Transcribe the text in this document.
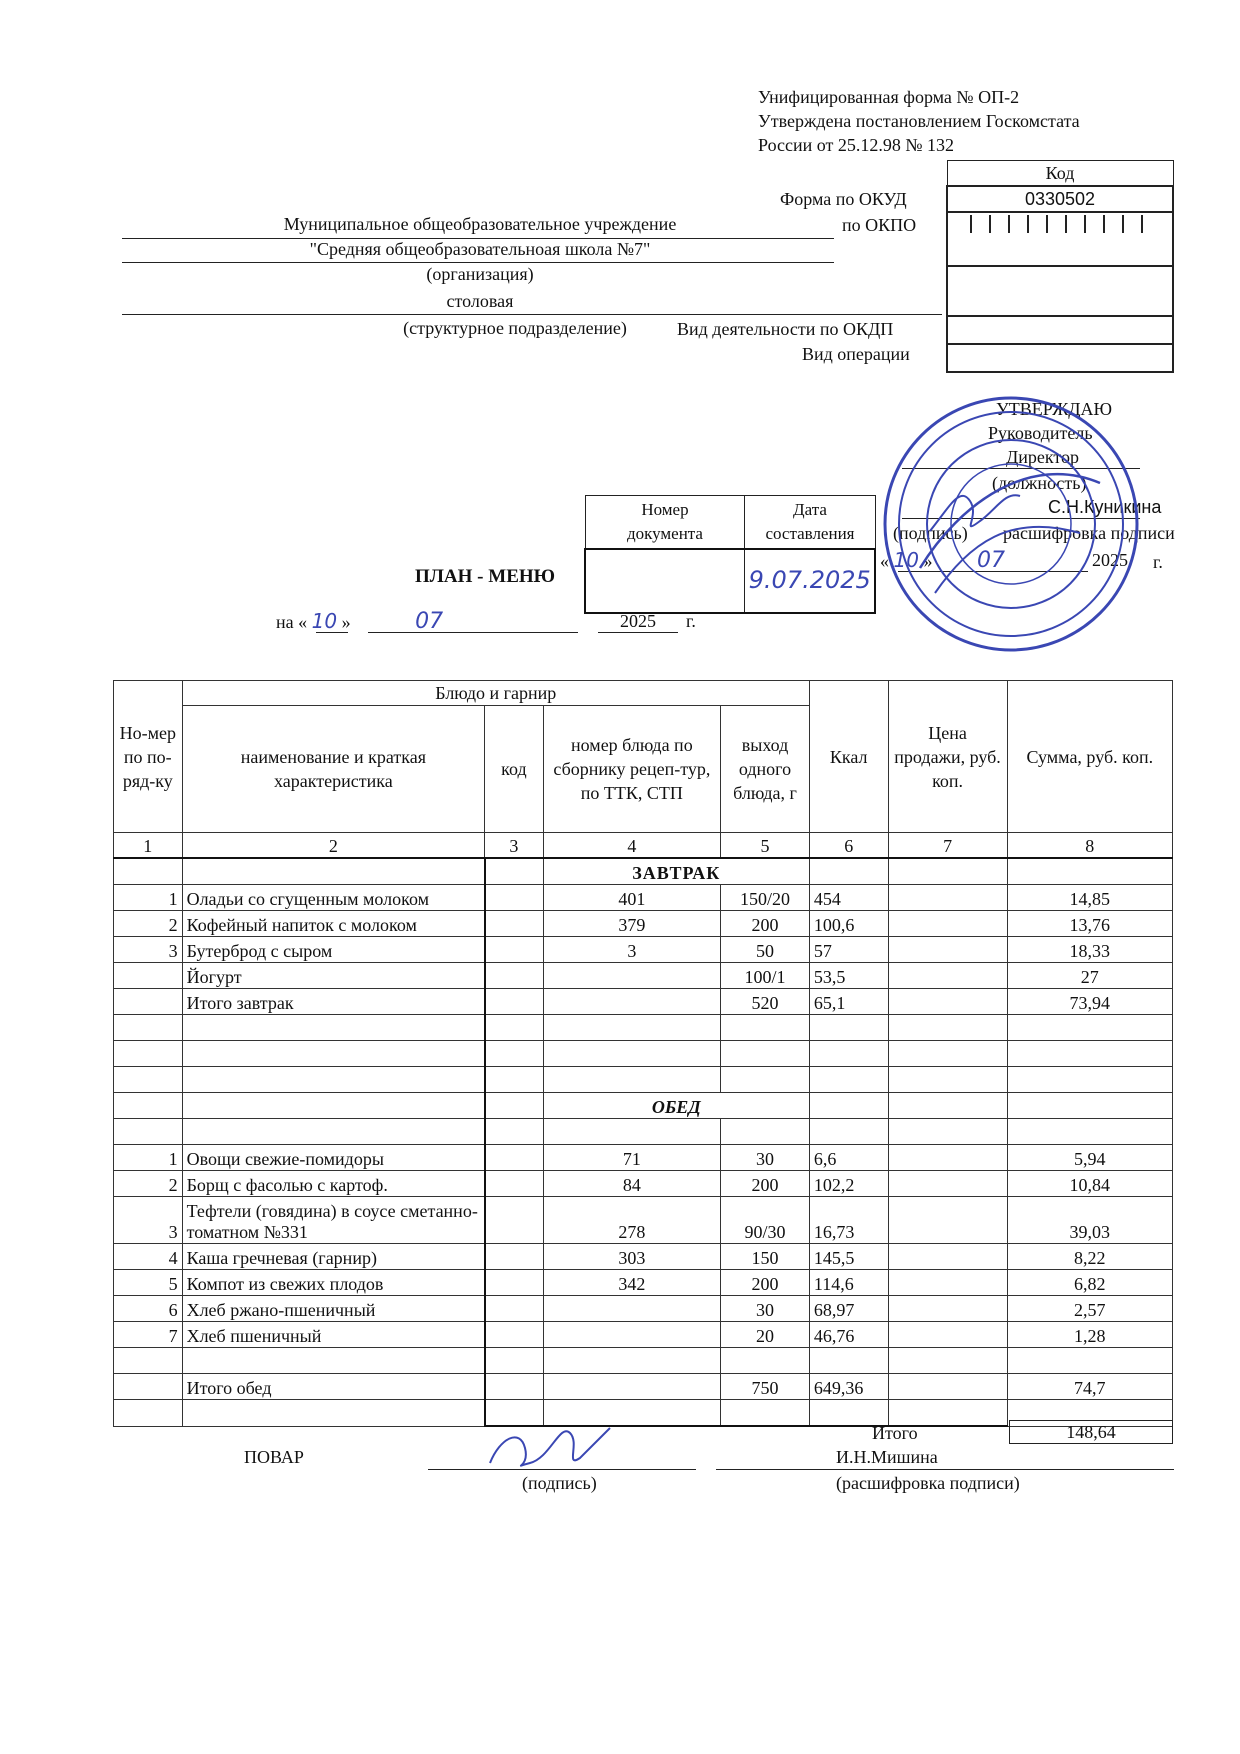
Унифицированная форма № ОП-2
Утверждена постановлением Госкомстата
России от 25.12.98 № 132
Форма по ОКУД
по ОКПО
Вид деятельности по ОКДП
Вид операции
Код
0330502

Муниципальное общеобразовательное учреждение
"Средняя общеобразовательноая школа №7"
(организация)
столовая
(структурное подразделение)
УТВЕРЖДАЮ
Руководитель
Директор
(должность)
С.Н.Куникина
(подпись) расшифровка подписи
« 10 » 07	2025 г.
Номер документа	Дата составления
	9.07.2025
ПЛАН - МЕНЮ
на « 10 »	07	2025 г.
Но-мер по по-ряд-ку	Блюдо и гарнир				Ккал	Цена продажи, руб. коп.	Сумма, руб. коп.
	наименование и краткая характеристика	код	номер блюда по сборнику рецеп-тур, по ТТК, СТП	выход одного блюда, г			
1	2	3	4	5	6	7	8
			ЗАВТРАК				
1	Оладьи со сгущенным молоком		401	150/20	454		14,85
2	Кофейный напиток с молоком		379	200	100,6		13,76
3	Бутерброд с сыром		3	50	57		18,33
	Йогурт			100/1	53,5		27
	Итого завтрак			520	65,1		73,94

			ОБЕД				

1	Овощи свежие-помидоры		71	30	6,6		5,94
2	Борщ с фасолью с картоф.		84	200	102,2		10,84
3	Тефтели (говядина) в соусе сметанно-томатном №331		278	90/30	16,73		39,03
4	Каша гречневая (гарнир)		303	150	145,5		8,22
5	Компот из свежих плодов		342	200	114,6		6,82
6	Хлеб ржано-пшеничный			30	68,97		2,57
7	Хлеб пшеничный			20	46,76		1,28

	Итого обед			750	649,36		74,7

Итого	148,64
ПОВАР	И.Н.Мишина
(подпись)	(расшифровка подписи)
